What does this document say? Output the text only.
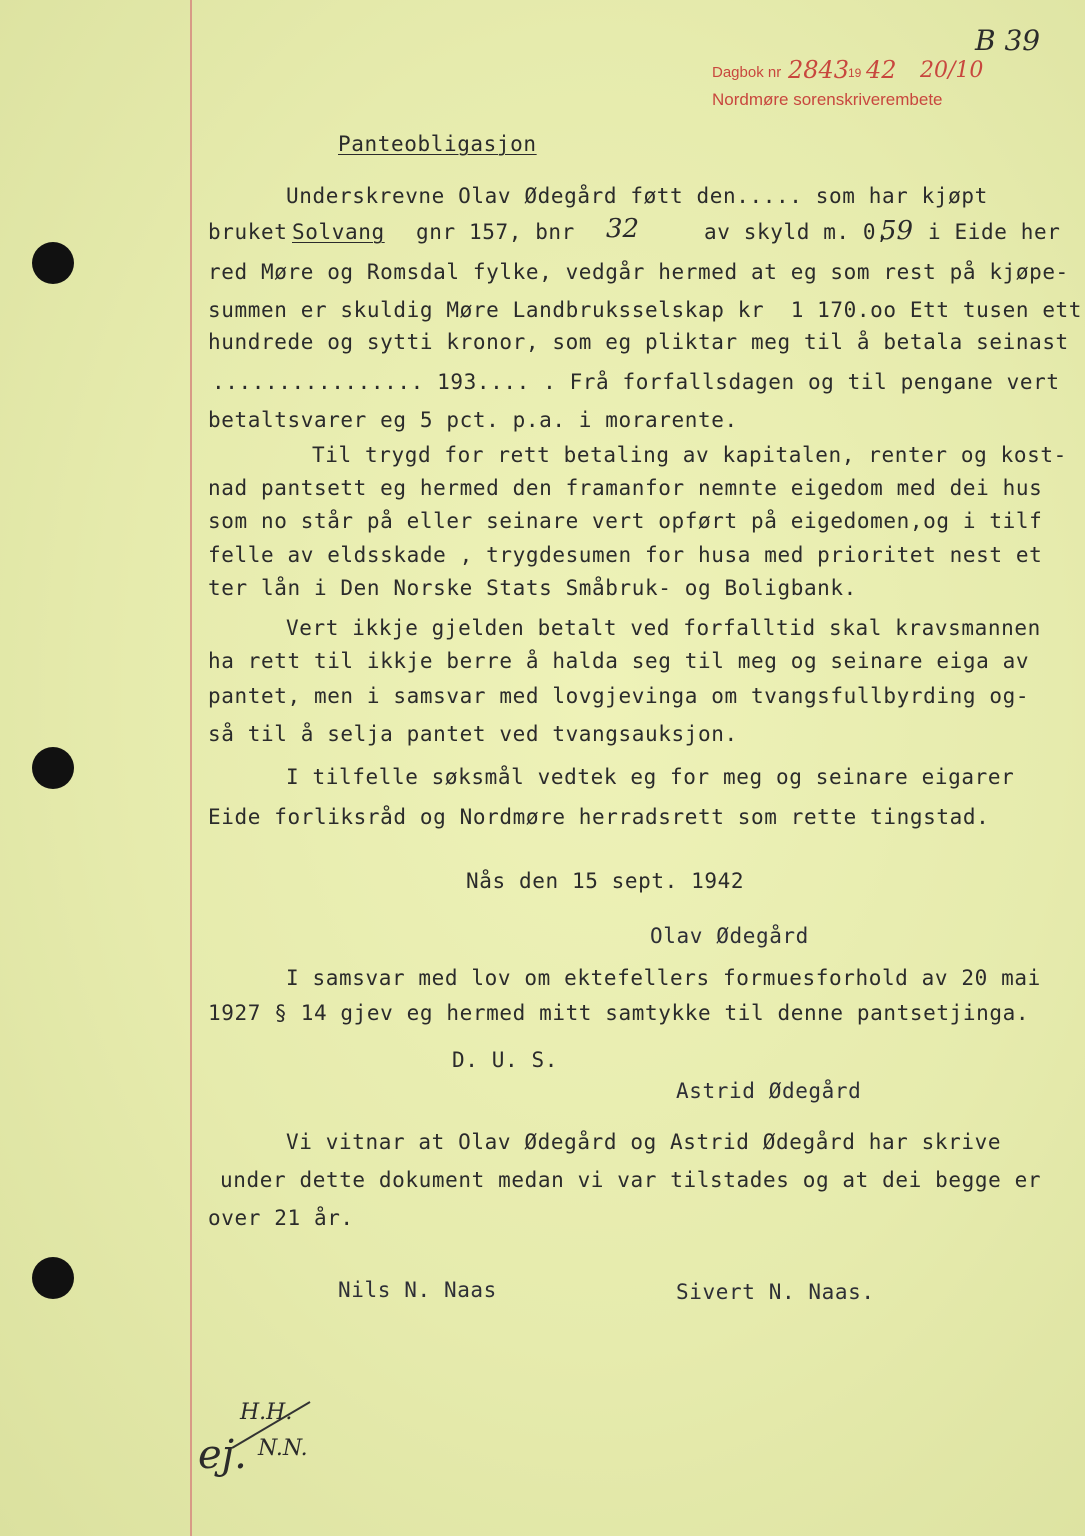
B 39
Dagbok nr 2843
19 42 20/10
Nordmøre sorenskriverembete
Panteobligasjon
Underskrevne Olav Ødegård føtt den..... som har kjøpt
bruket Solvang gnr 157, bnr 32	av skyld m. 0,
59 i Eide her
red Møre og Romsdal fylke, vedgår hermed at eg som rest på kjøpe-
summen er skuldig Møre Landbruksselskap kr  1 170.oo Ett tusen ett
hundrede og sytti kronor, som eg pliktar meg til å betala seinast
................ 193.... . Frå forfallsdagen og til pengane vert
betaltsvarer eg 5 pct. p.a. i morarente.
Til trygd for rett betaling av kapitalen, renter og kost-
nad pantsett eg hermed den framanfor nemnte eigedom med dei hus
som no står på eller seinare vert opført på eigedomen,og i tilf
felle av eldsskade , trygdesumen for husa med prioritet nest et
ter lån i Den Norske Stats Småbruk- og Boligbank.
Vert ikkje gjelden betalt ved forfalltid skal kravsmannen
ha rett til ikkje berre å halda seg til meg og seinare eiga av
pantet, men i samsvar med lovgjevinga om tvangsfullbyrding og-
så til å selja pantet ved tvangsauksjon.
I tilfelle søksmål vedtek eg for meg og seinare eigarer
Eide forliksråd og Nordmøre herradsrett som rette tingstad.
Nås den 15 sept. 1942
Olav Ødegård
I samsvar med lov om ektefellers formuesforhold av 20 mai
1927 § 14 gjev eg hermed mitt samtykke til denne pantsetjinga.
D. U. S.
Astrid Ødegård
Vi vitnar at Olav Ødegård og Astrid Ødegård har skrive
under dette dokument medan vi var tilstades og at dei begge er
over 21 år.
Nils N. Naas	Sivert N. Naas.
ej.
H.H.
N.N.
